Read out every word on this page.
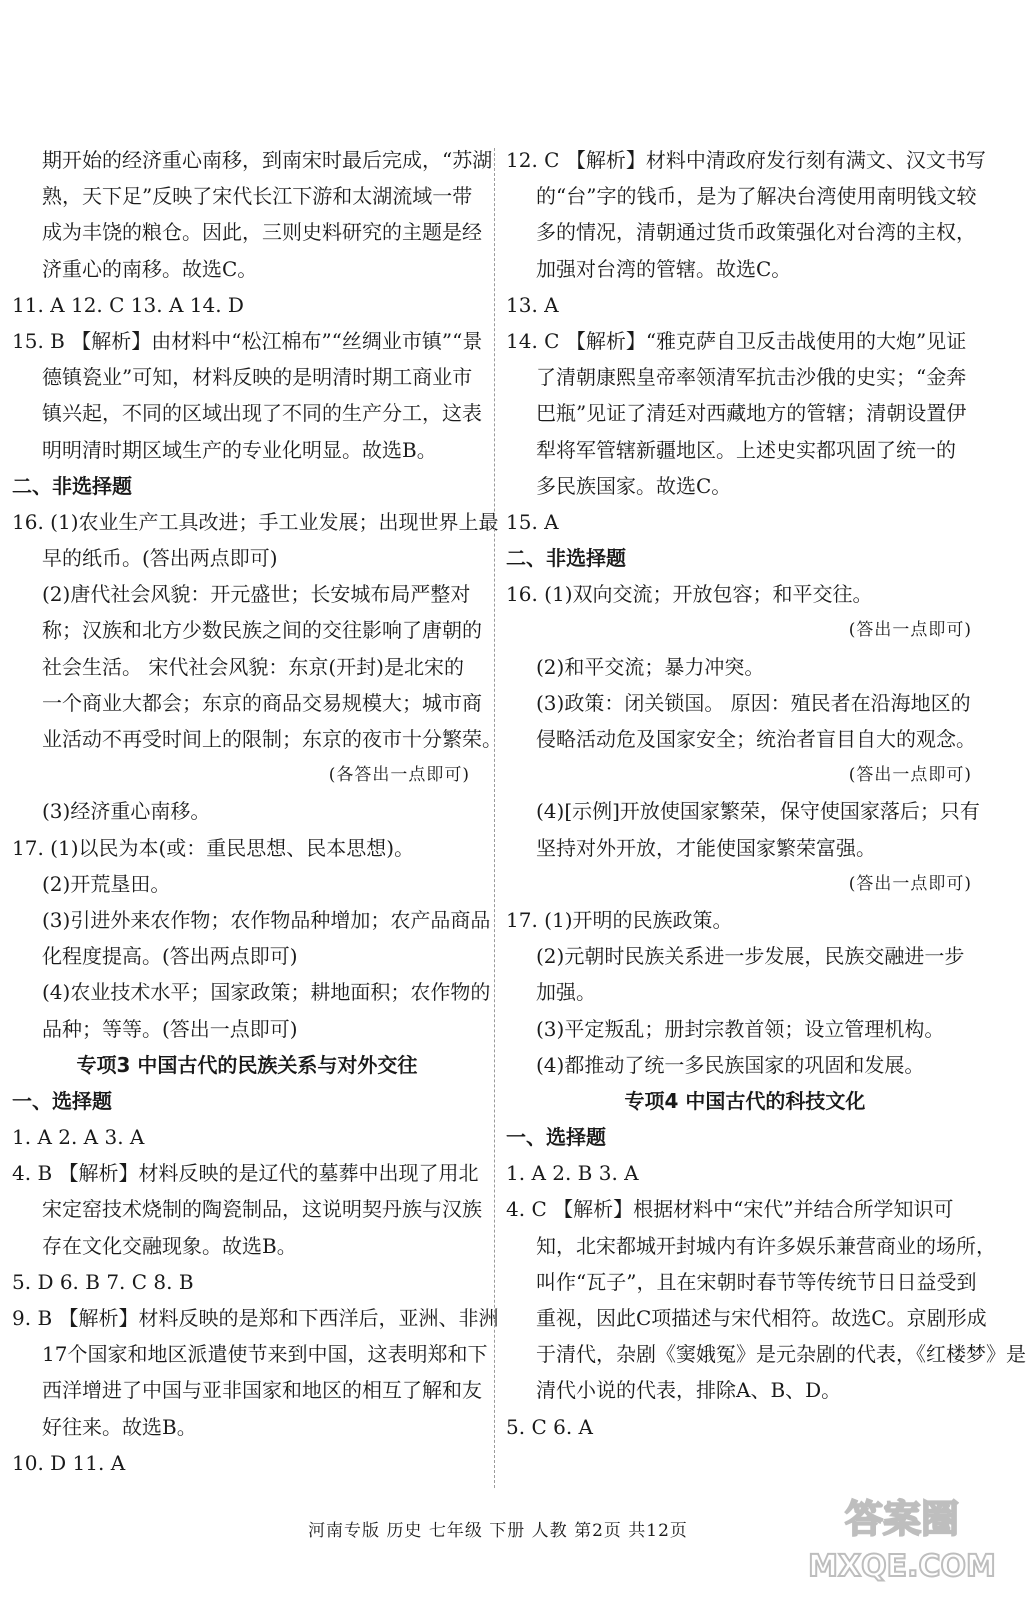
期开始的经济重心南移，到南宋时最后完成，“苏湖
熟，天下足”反映了宋代长江下游和太湖流域一带
成为丰饶的粮仓。因此，三则史料研究的主题是经
济重心的南移。故选C。
11. A 12. C 13. A 14. D
15. B 【解析】由材料中“松江棉布”“丝绸业市镇”“景
德镇瓷业”可知，材料反映的是明清时期工商业市
镇兴起，不同的区域出现了不同的生产分工，这表
明明清时期区域生产的专业化明显。故选B。
二、非选择题
16. (1)农业生产工具改进；手工业发展；出现世界上最
早的纸币。(答出两点即可)
(2)唐代社会风貌：开元盛世；长安城布局严整对
称；汉族和北方少数民族之间的交往影响了唐朝的
社会生活。 宋代社会风貌：东京(开封)是北宋的
一个商业大都会；东京的商品交易规模大；城市商
业活动不再受时间上的限制；东京的夜市十分繁荣。
(各答出一点即可)
(3)经济重心南移。
17. (1)以民为本(或：重民思想、民本思想)。
(2)开荒垦田。
(3)引进外来农作物；农作物品种增加；农产品商品
化程度提高。(答出两点即可)
(4)农业技术水平；国家政策；耕地面积；农作物的
品种；等等。(答出一点即可)
专项3 中国古代的民族关系与对外交往
一、选择题
1. A 2. A 3. A
4. B 【解析】材料反映的是辽代的墓葬中出现了用北
宋定窑技术烧制的陶瓷制品，这说明契丹族与汉族
存在文化交融现象。故选B。
5. D 6. B 7. C 8. B
9. B 【解析】材料反映的是郑和下西洋后，亚洲、非洲
17个国家和地区派遣使节来到中国，这表明郑和下
西洋增进了中国与亚非国家和地区的相互了解和友
好往来。故选B。
10. D 11. A
12. C 【解析】材料中清政府发行刻有满文、汉文书写
的“台”字的钱币，是为了解决台湾使用南明钱文较
多的情况，清朝通过货币政策强化对台湾的主权，
加强对台湾的管辖。故选C。
13. A
14. C 【解析】“雅克萨自卫反击战使用的大炮”见证
了清朝康熙皇帝率领清军抗击沙俄的史实；“金奔
巴瓶”见证了清廷对西藏地方的管辖；清朝设置伊
犁将军管辖新疆地区。上述史实都巩固了统一的
多民族国家。故选C。
15. A
二、非选择题
16. (1)双向交流；开放包容；和平交往。
(答出一点即可)
(2)和平交流；暴力冲突。
(3)政策：闭关锁国。 原因：殖民者在沿海地区的
侵略活动危及国家安全；统治者盲目自大的观念。
(答出一点即可)
(4)[示例]开放使国家繁荣，保守使国家落后；只有
坚持对外开放，才能使国家繁荣富强。
(答出一点即可)
17. (1)开明的民族政策。
(2)元朝时民族关系进一步发展，民族交融进一步
加强。
(3)平定叛乱；册封宗教首领；设立管理机构。
(4)都推动了统一多民族国家的巩固和发展。
专项4 中国古代的科技文化
一、选择题
1. A 2. B 3. A
4. C 【解析】根据材料中“宋代”并结合所学知识可
知，北宋都城开封城内有许多娱乐兼营商业的场所，
叫作“瓦子”，且在宋朝时春节等传统节日日益受到
重视，因此C项描述与宋代相符。故选C。京剧形成
于清代，杂剧《窦娥冤》是元杂剧的代表，《红楼梦》是
清代小说的代表，排除A、B、D。
5. C 6. A
河南专版 历史 七年级 下册 人教 第2页 共12页	答案圈
MXQE.COM
